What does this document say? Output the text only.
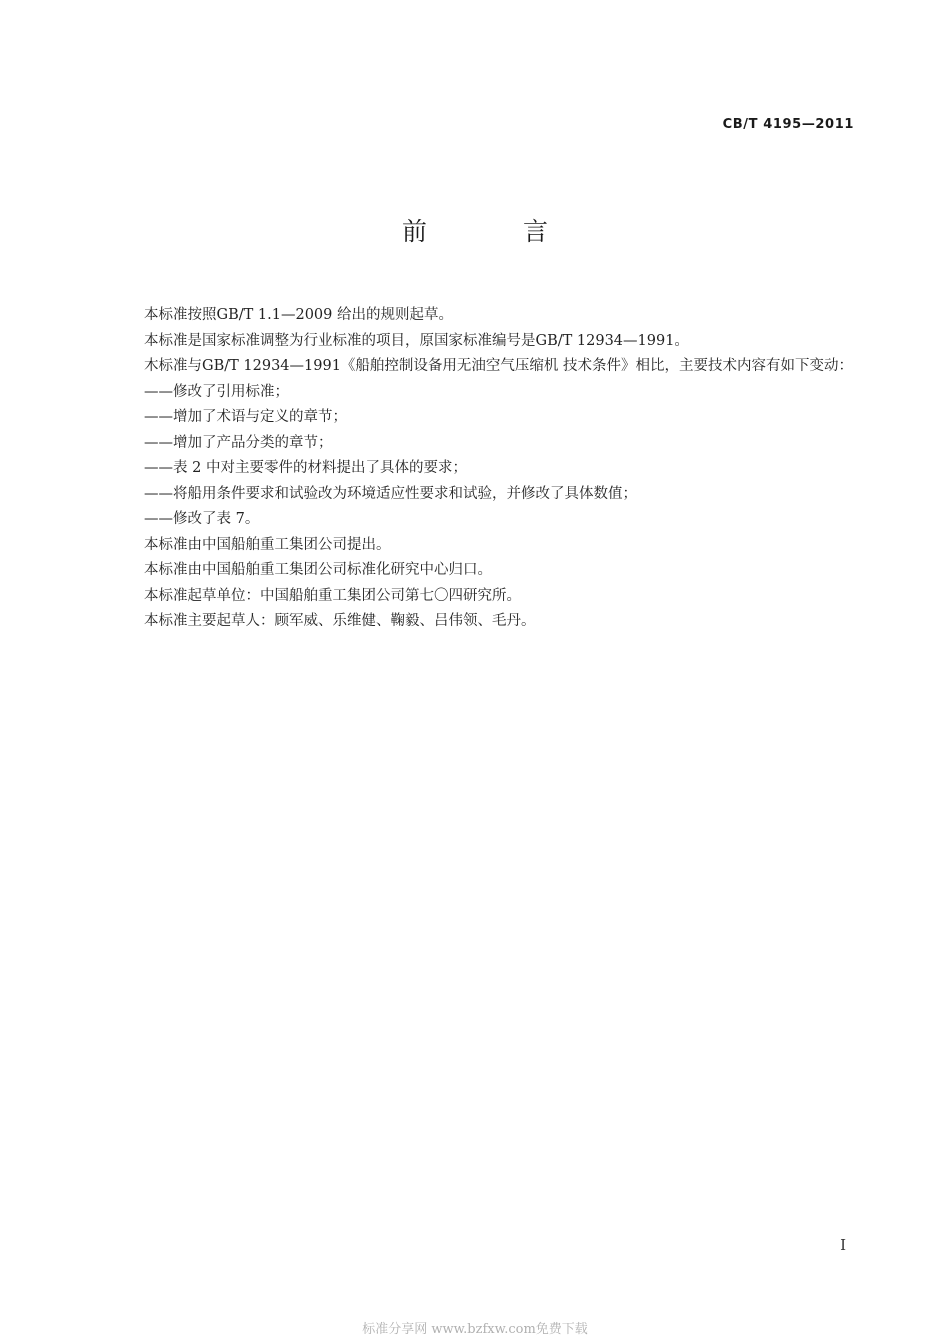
CB/T 4195—2011
前 言

本标准按照GB/T 1.1—2009 给出的规则起草。

本标准是国家标准调整为行业标准的项目，原国家标准编号是GB/T 12934—1991。

木标准与GB/T 12934—1991《船舶控制设备用无油空气压缩机 技术条件》相比，主要技术内容有如下变动：

——修改了引用标准；

——增加了术语与定义的章节；

——增加了产品分类的章节；

——表 2 中对主要零件的材料提出了具体的要求；

——将船用条件要求和试验改为环境适应性要求和试验，并修改了具体数值；

——修改了表 7。

本标准由中国船舶重工集团公司提出。

本标准由中国船舶重工集团公司标准化研究中心归口。

本标准起草单位：中国船舶重工集团公司第七〇四研究所。

本标准主要起草人：顾军威、乐维健、鞠毅、吕伟领、毛丹。

I
标准分享网 www.bzfxw.com免费下载
